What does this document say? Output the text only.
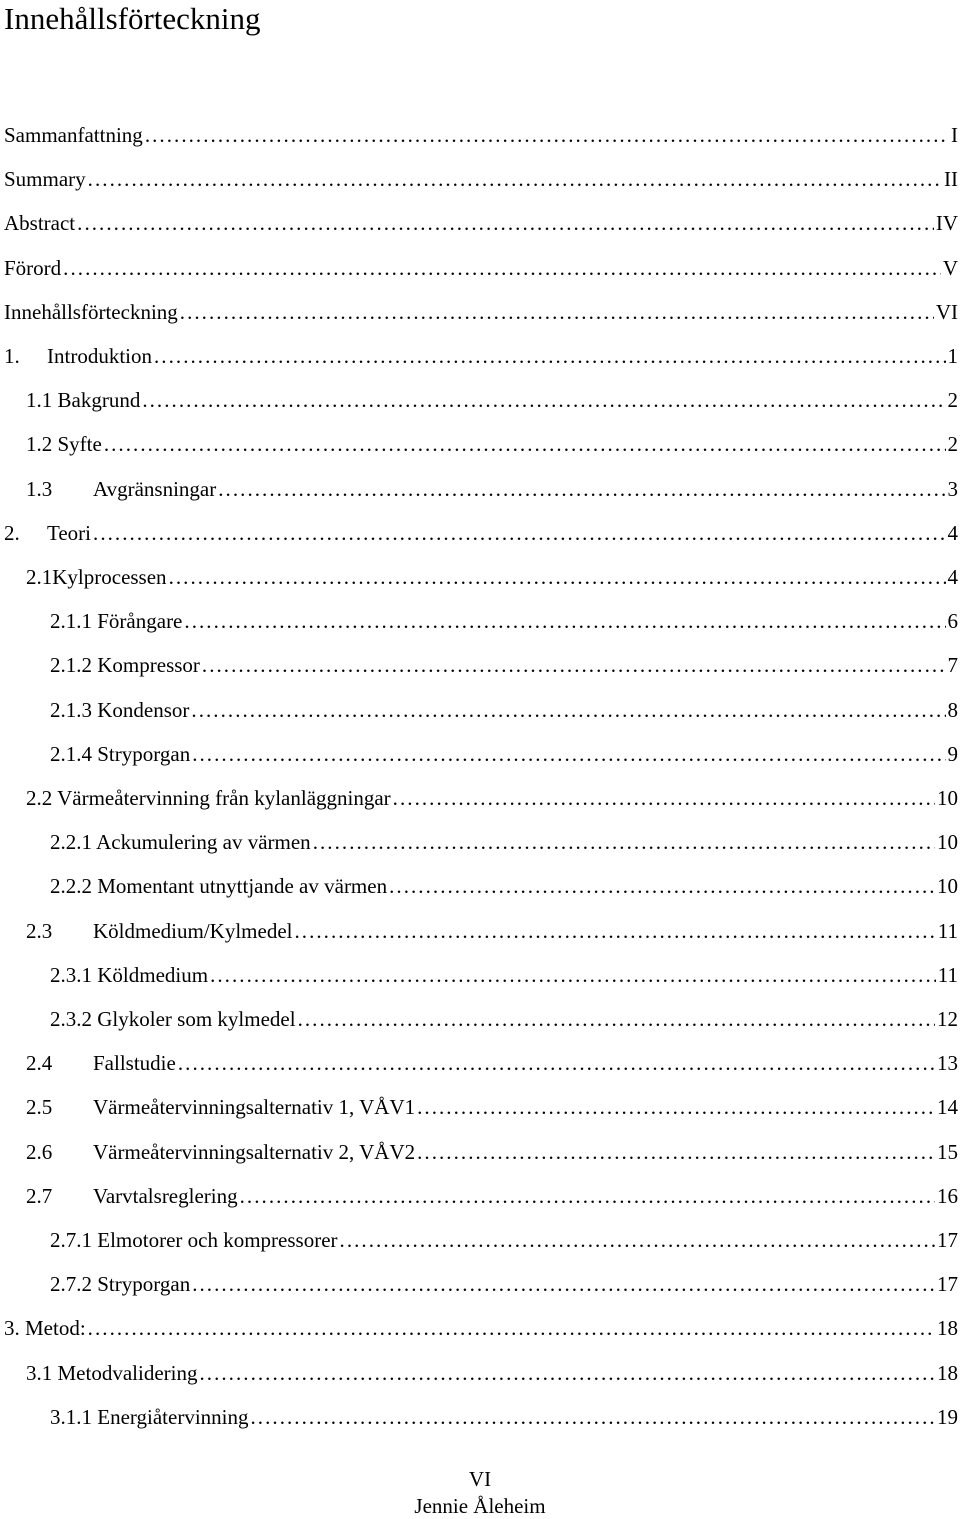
Innehållsförteckning
Sammanfattning . . .	I
Summary . . .	II
Abstract . . .	IV
Förord . . .	V
Innehållsförteckning . . .	VI
1. Introduktion . . .	1
1.1 Bakgrund . . .	2
1.2 Syfte . . .	2
1.3 Avgränsningar . . .	3
2. Teori . . .	4
2.1Kylprocessen . . .	4
2.1.1 Förångare . . .	6
2.1.2 Kompressor . . .	7
2.1.3 Kondensor . . .	8
2.1.4 Stryporgan . . .	9
2.2 Värmeåtervinning från kylanläggningar . . .	10
2.2.1 Ackumulering av värmen . . .	10
2.2.2 Momentant utnyttjande av värmen . . .	10
2.3 Köldmedium/Kylmedel . . .	11
2.3.1 Köldmedium . . .	11
2.3.2 Glykoler som kylmedel . . .	12
2.4 Fallstudie . . .	13
2.5 Värmeåtervinningsalternativ 1, VÅV1 . . .	14
2.6 Värmeåtervinningsalternativ 2, VÅV2 . . .	15
2.7 Varvtalsreglering . . .	16
2.7.1 Elmotorer och kompressorer . . .	17
2.7.2 Stryporgan . . .	17
3. Metod: . . .	18
3.1 Metodvalidering . . .	18
3.1.1 Energiåtervinning . . .	19
VI
Jennie Åleheim
